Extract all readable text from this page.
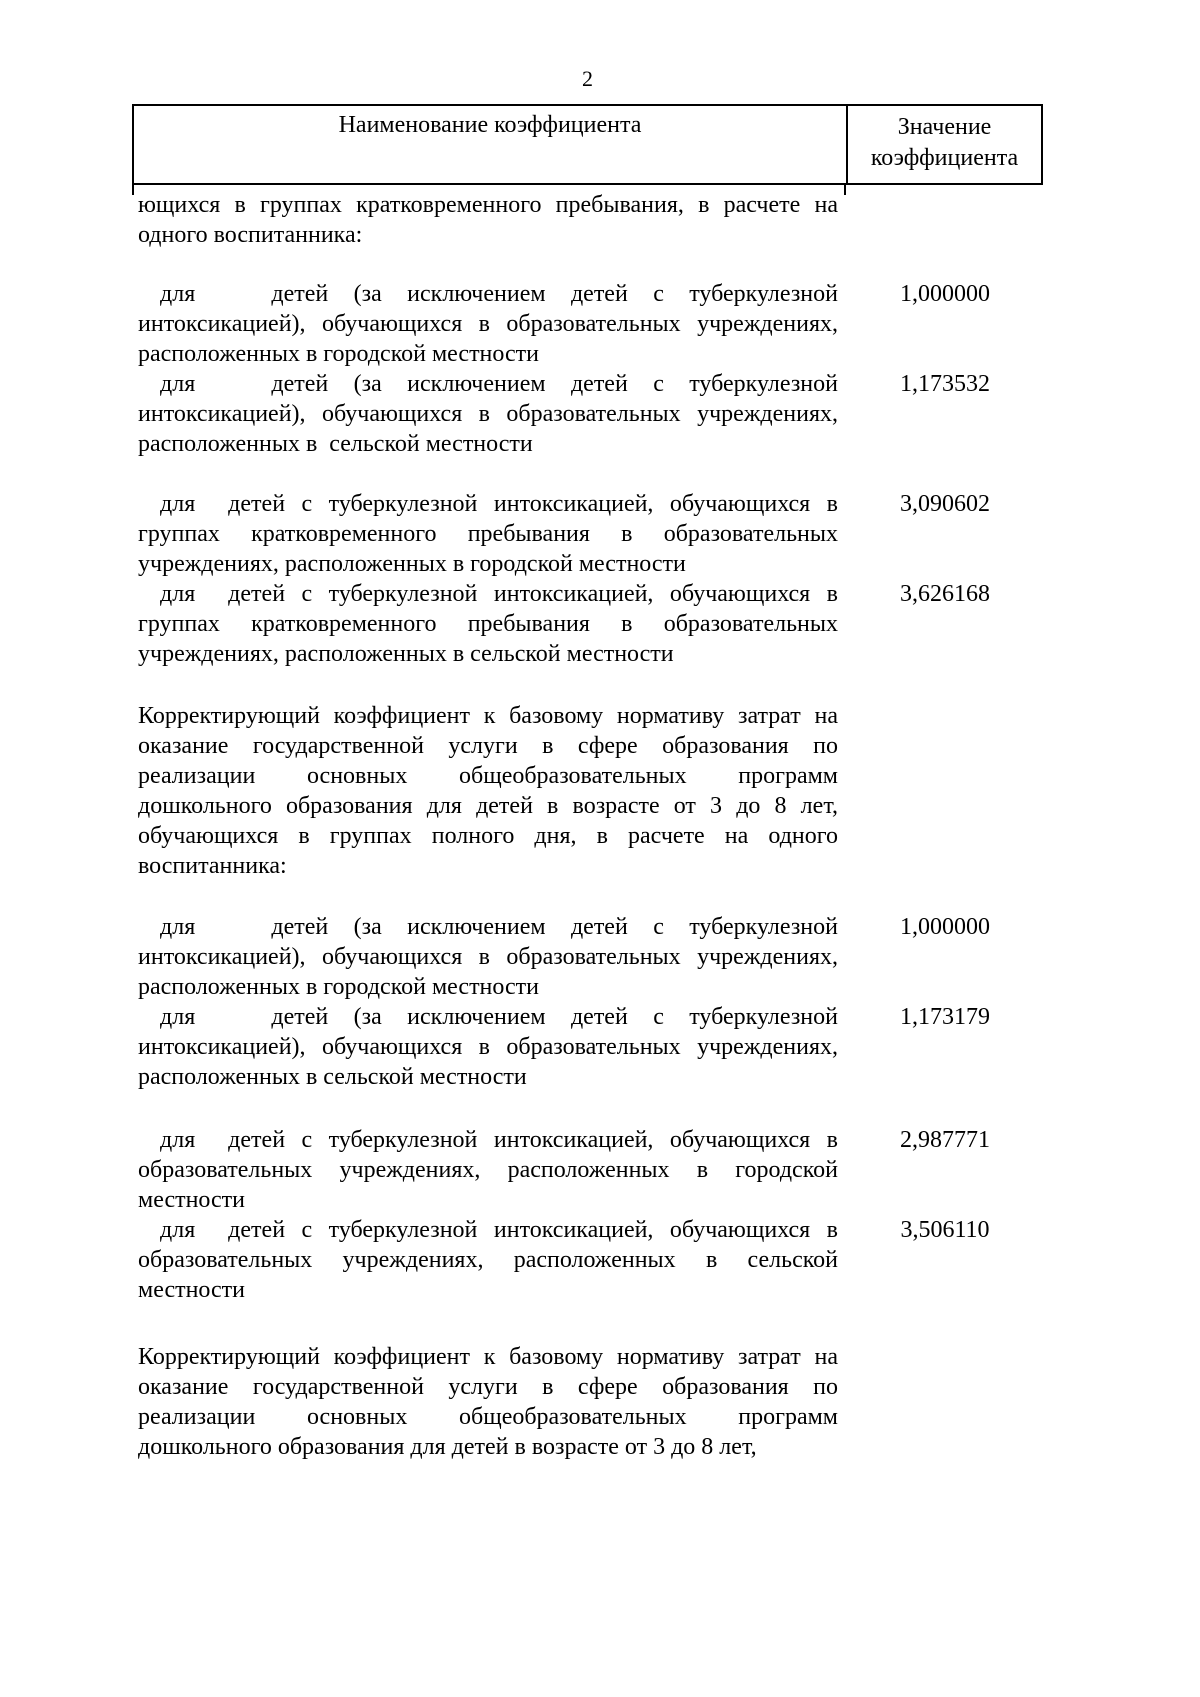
2
Наименование коэффициента	Значение
коэффициента
ющихся в группах кратковременного пребывания, в расчете на одного воспитанника:
для   детей (за исключением детей с туберкулезной интоксикацией), обучающихся в образовательных учреждениях, расположенных в городской местности
1,000000
для   детей (за исключением детей с туберкулезной интоксикацией), обучающихся в образовательных учреждениях, расположенных в  сельской местности
1,173532
для  детей с туберкулезной интоксикацией, обучающихся в группах кратковременного пребывания в образовательных учреждениях, расположенных в городской местности
3,090602
для  детей с туберкулезной интоксикацией, обучающихся в группах кратковременного пребывания в образовательных учреждениях, расположенных в сельской местности
3,626168
Корректирующий коэффициент к базовому нормативу затрат на оказание государственной услуги в сфере образования по реализации основных общеобразовательных программ дошкольного образования для детей в возрасте от 3 до 8 лет, обучающихся в группах полного дня, в расчете на одного воспитанника:
для   детей (за исключением детей с туберкулезной интоксикацией), обучающихся в образовательных учреждениях, расположенных в городской местности
1,000000
для   детей (за исключением детей с туберкулезной интоксикацией), обучающихся в образовательных учреждениях, расположенных в сельской местности
1,173179
для  детей с туберкулезной интоксикацией, обучающихся в образовательных учреждениях, расположенных в городской местности
2,987771
для  детей с туберкулезной интоксикацией, обучающихся в образовательных учреждениях, расположенных в сельской местности
3,506110
Корректирующий коэффициент к базовому нормативу затрат на оказание государственной услуги в сфере образования по реализации основных общеобразовательных программ дошкольного образования для детей в возрасте от 3 до 8 лет,
